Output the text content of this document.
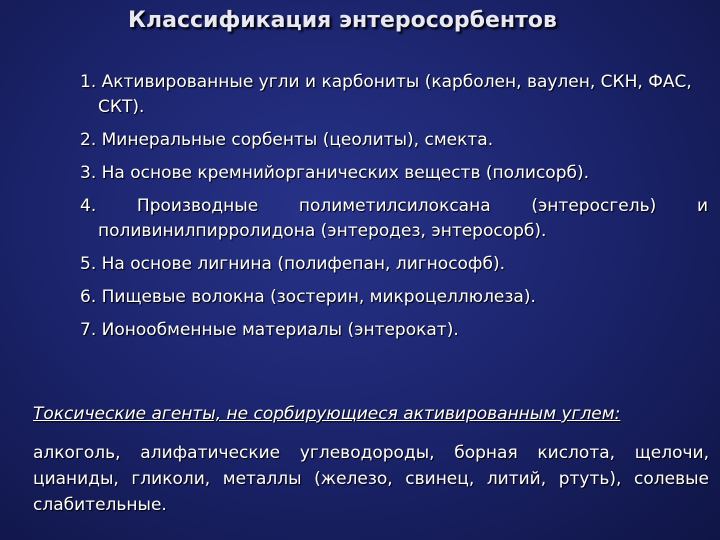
Классификация энтеросорбентов
1. Активированные угли и карбониты (карболен, ваулен, СКН, ФАС, СКТ).
2. Минеральные сорбенты (цеолиты), смекта.
3. На основе кремнийорганических веществ (полисорб).
4. Производные полиметилсилоксана (энтеросгель) и поливинилпирролидона (энтеродез, энтеросорб).
5. На основе лигнина (полифепан, лигнософб).
6. Пищевые волокна (зостерин, микроцеллюлеза).
7. Ионообменные материалы (энтерокат).
Токсические агенты, не сорбирующиеся активированным углем:
алкоголь, алифатические углеводороды, борная кислота, щелочи, цианиды, гликоли, металлы (железо, свинец, литий, ртуть), солевые слабительные.
